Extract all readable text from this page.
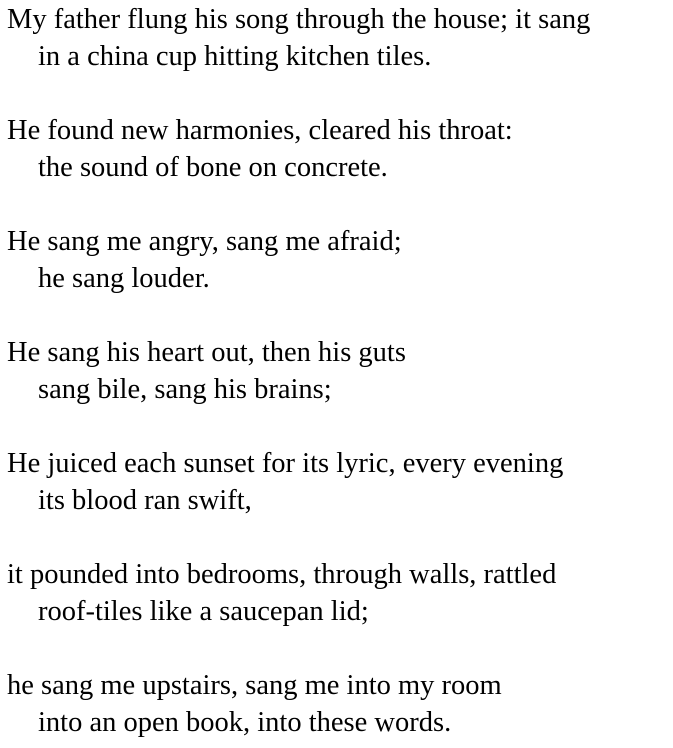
My father flung his song through the house; it sang
in a china cup hitting kitchen tiles.
He found new harmonies, cleared his throat:
the sound of bone on concrete.
He sang me angry, sang me afraid;
he sang louder.
He sang his heart out, then his guts
sang bile, sang his brains;
He juiced each sunset for its lyric, every evening
its blood ran swift,
it pounded into bedrooms, through walls, rattled
roof-tiles like a saucepan lid;
he sang me upstairs, sang me into my room
into an open book, into these words.
